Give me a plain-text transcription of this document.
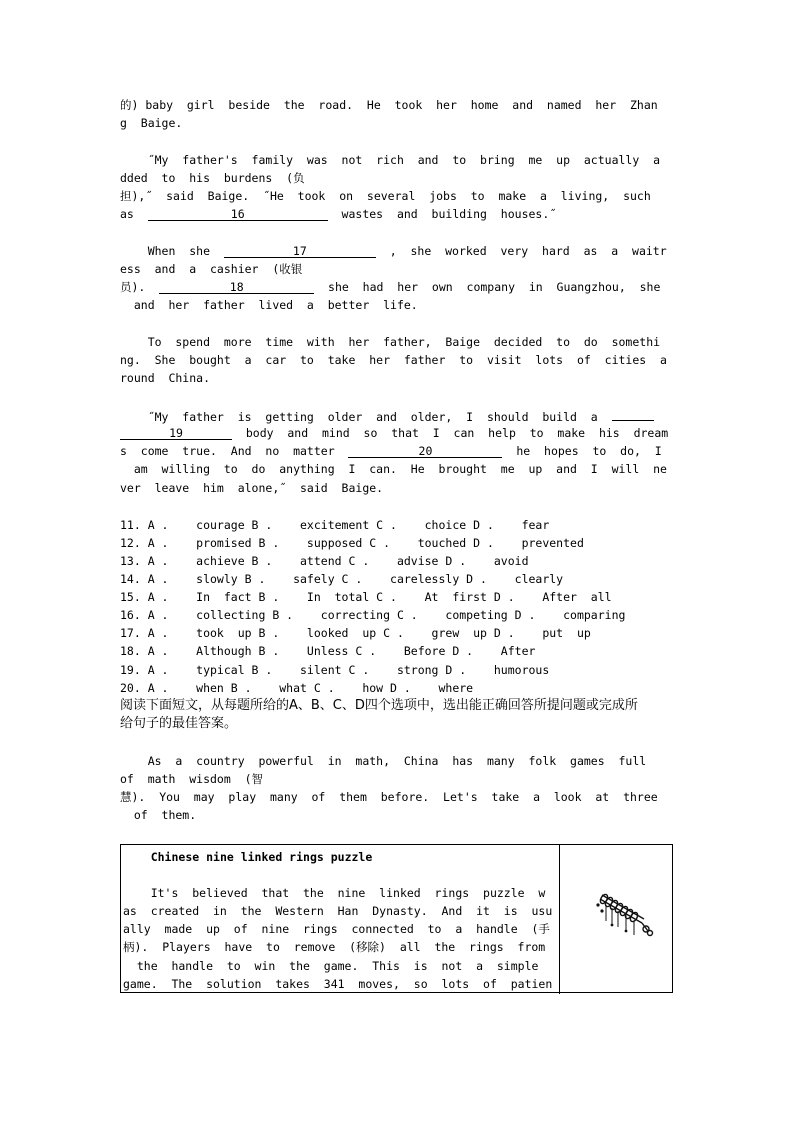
的) baby  girl  beside  the  road.  He  took  her  home  and  named  her  Zhan
g  Baige.
˝My  father's  family  was  not  rich  and  to  bring  me  up  actually  a
dded  to  his  burdens  (负
担),˝  said  Baige.  ˝He  took  on  several  jobs  to  make  a  living,  such
as	16	wastes  and  building  houses.˝
When  she	17	,  she  worked  very  hard  as  a  waitr
ess  and  a  cashier  (收银
员).	18	she  had  her  own  company  in  Guangzhou,  she
and  her  father  lived  a  better  life.
To  spend  more  time  with  her  father,  Baige  decided  to  do  somethi
ng.  She  bought  a  car  to  take  her  father  to  visit  lots  of  cities  a
round  China.
˝My  father  is  getting  older  and  older,  I  should  build  a
19	body  and  mind  so  that  I  can  help  to  make  his  dream
s  come  true.  And  no  matter	20	he  hopes  to  do,  I
am  willing  to  do  anything  I  can.  He  brought  me  up  and  I  will  ne
ver  leave  him  alone,˝  said  Baige.
11. A .    courage B .    excitement C .    choice D .    fear
12. A .    promised B .    supposed C .    touched D .    prevented
13. A .    achieve B .    attend C .    advise D .    avoid
14. A .    slowly B .    safely C .    carelessly D .    clearly
15. A .    In  fact B .    In  total C .    At  first D .    After  all
16. A .    collecting B .    correcting C .    competing D .    comparing
17. A .    took  up B .    looked  up C .    grew  up D .    put  up
18. A .    Although B .    Unless C .    Before D .    After
19. A .    typical B .    silent C .    strong D .    humorous
20. A .    when B .    what C .    how D .    where
阅读下面短文，从每题所给的A、B、C、D四个选项中，选出能正确回答所提问题或完成所
给句子的最佳答案。
As  a  country  powerful  in  math,  China  has  many  folk  games  full
of  math  wisdom  (智
慧).  You  may  play  many  of  them  before.  Let's  take  a  look  at  three
of  them.
Chinese nine linked rings puzzle
It's  believed  that  the  nine  linked  rings  puzzle  w
as  created  in  the  Western  Han  Dynasty.  And  it  is  usu
ally  made  up  of  nine  rings  connected  to  a  handle  (手
柄).  Players  have  to  remove  (移除)  all  the  rings  from
the  handle  to  win  the  game.  This  is  not  a  simple
game.  The  solution  takes  341  moves,  so  lots  of  patien
